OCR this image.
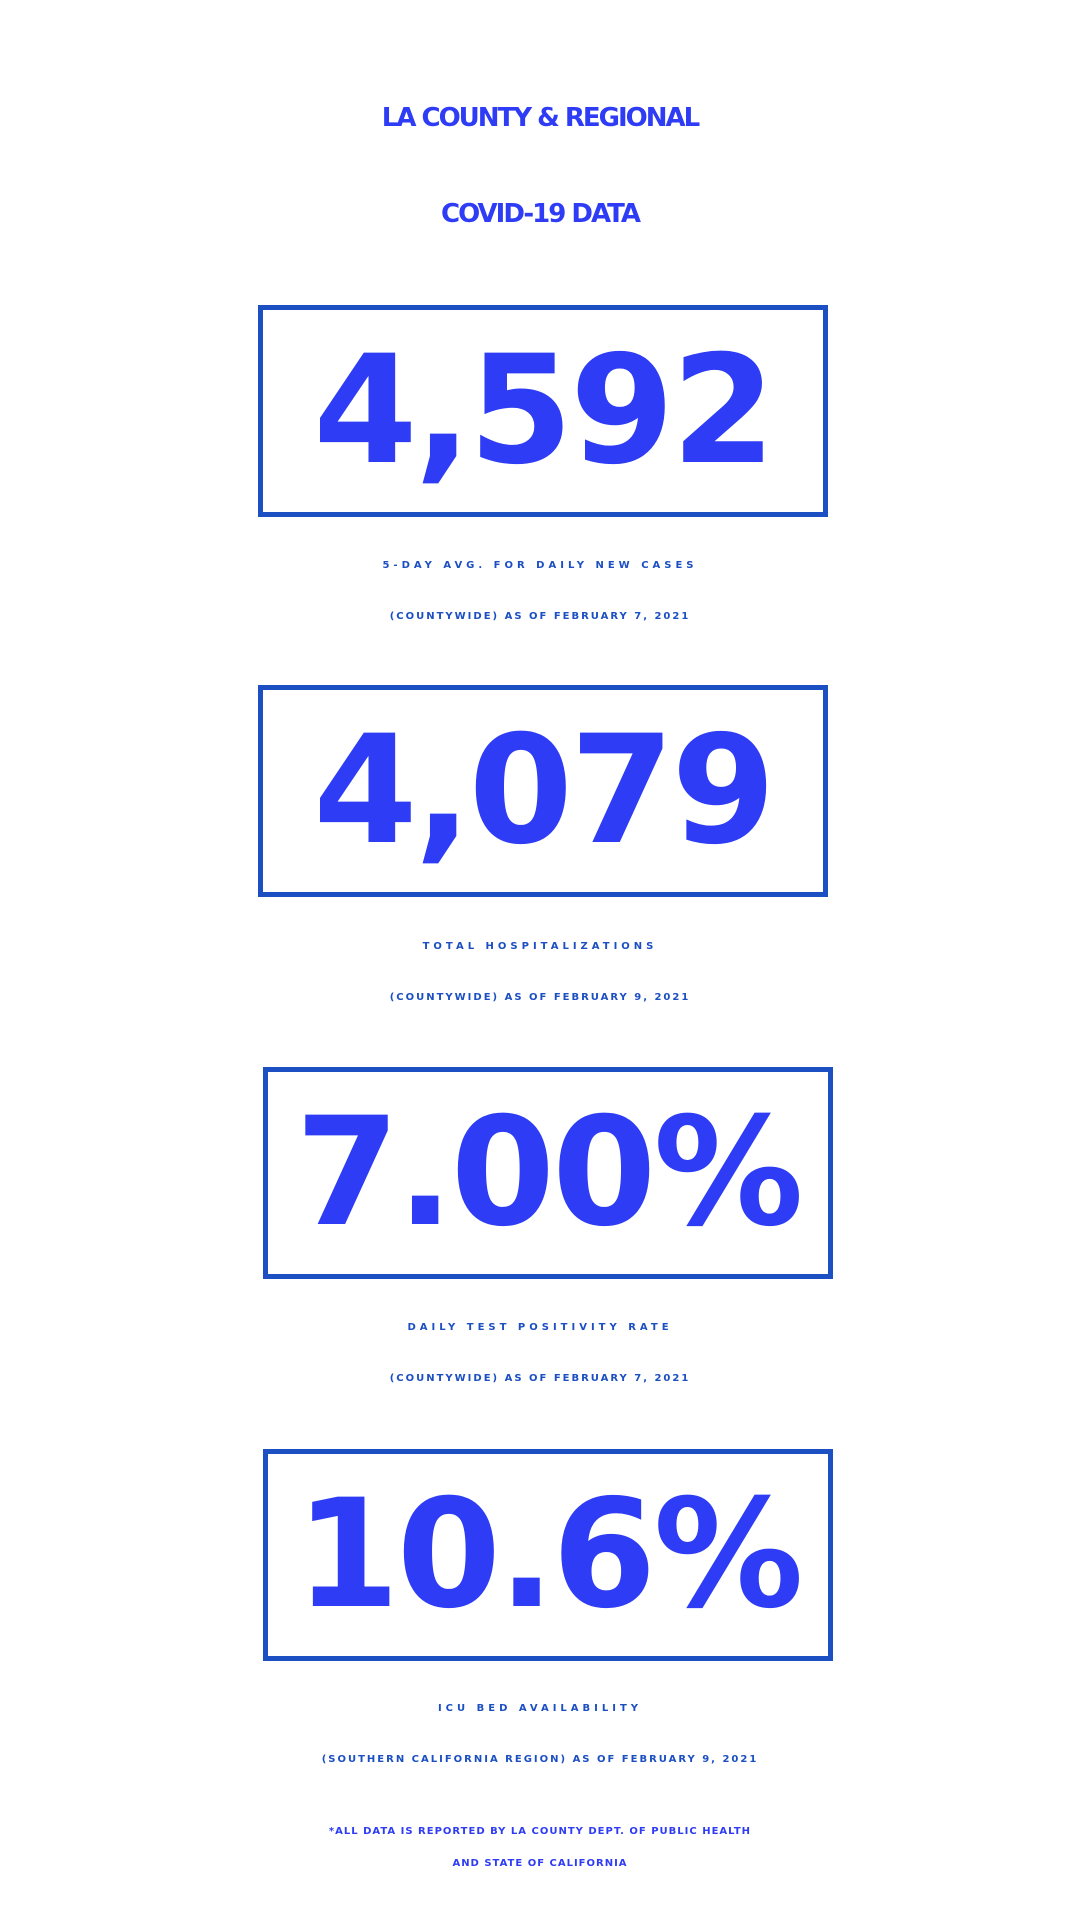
LA COUNTY & REGIONAL
COVID-19 DATA
4,592
5-DAY AVG. FOR DAILY NEW CASES
(COUNTYWIDE) AS OF FEBRUARY 7, 2021
4,079
TOTAL HOSPITALIZATIONS
(COUNTYWIDE) AS OF FEBRUARY 9, 2021
7.00%
DAILY TEST POSITIVITY RATE
(COUNTYWIDE) AS OF FEBRUARY 7, 2021
10.6%
ICU BED AVAILABILITY
(SOUTHERN CALIFORNIA REGION) AS OF FEBRUARY 9, 2021
*ALL DATA IS REPORTED BY LA COUNTY DEPT. OF PUBLIC HEALTH
AND STATE OF CALIFORNIA
